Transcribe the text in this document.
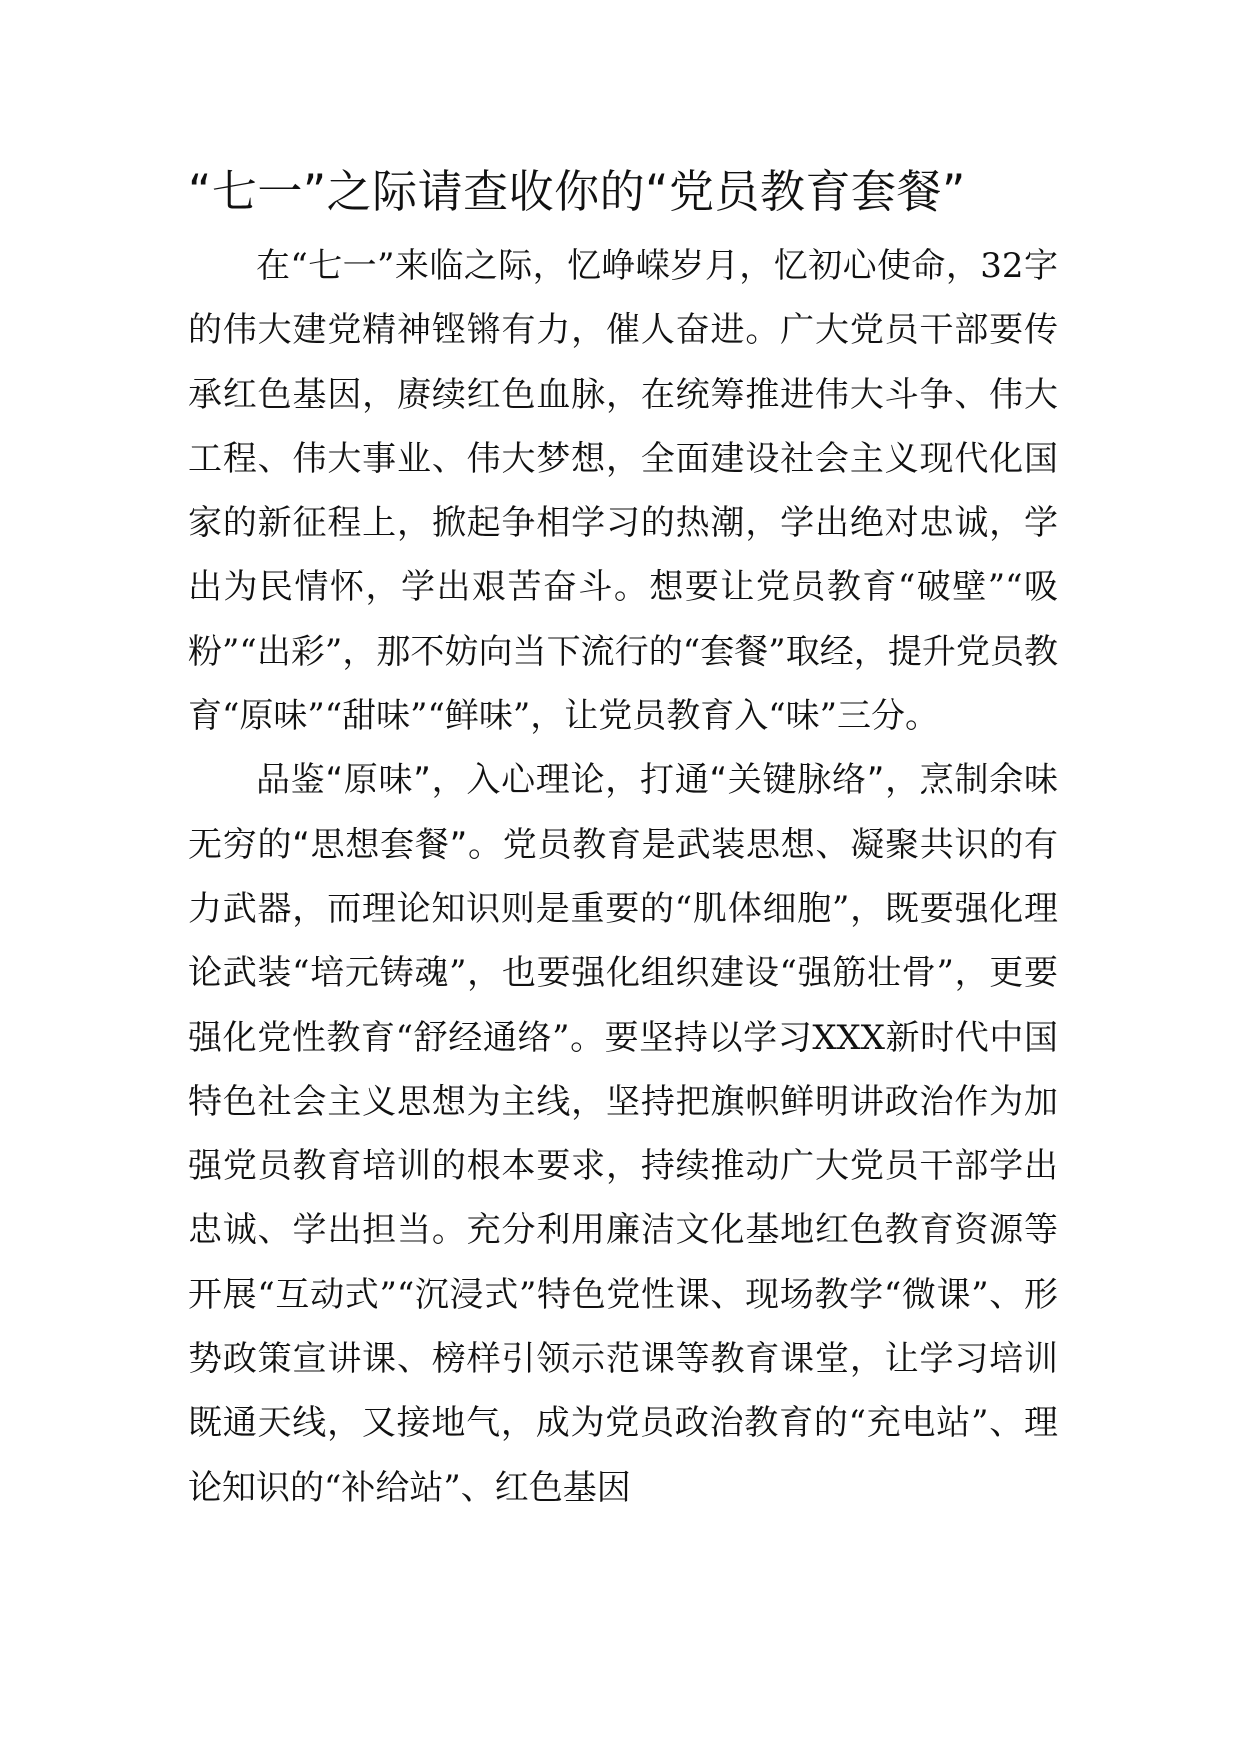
“七一”之际请查收你的“党员教育套餐”

在“七一”来临之际，忆峥嵘岁月，忆初心使命，32字的伟大建党精神铿锵有力，催人奋进。广大党员干部要传承红色基因，赓续红色血脉，在统筹推进伟大斗争、伟大工程、伟大事业、伟大梦想，全面建设社会主义现代化国家的新征程上，掀起争相学习的热潮，学出绝对忠诚，学出为民情怀，学出艰苦奋斗。想要让党员教育“破壁”“吸粉”“出彩”，那不妨向当下流行的“套餐”取经，提升党员教育“原味”“甜味”“鲜味”，让党员教育入“味”三分。

品鉴“原味”，入心理论，打通“关键脉络”，烹制余味无穷的“思想套餐”。党员教育是武装思想、凝聚共识的有力武器，而理论知识则是重要的“肌体细胞”，既要强化理论武装“培元铸魂”，也要强化组织建设“强筋壮骨”，更要强化党性教育“舒经通络”。要坚持以学习XXX新时代中国特色社会主义思想为主线，坚持把旗帜鲜明讲政治作为加强党员教育培训的根本要求，持续推动广大党员干部学出忠诚、学出担当。充分利用廉洁文化基地红色教育资源等开展“互动式”“沉浸式”特色党性课、现场教学“微课”、形势政策宣讲课、榜样引领示范课等教育课堂，让学习培训既通天线，又接地气，成为党员政治教育的“充电站”、理论知识的“补给站”、红色基因
